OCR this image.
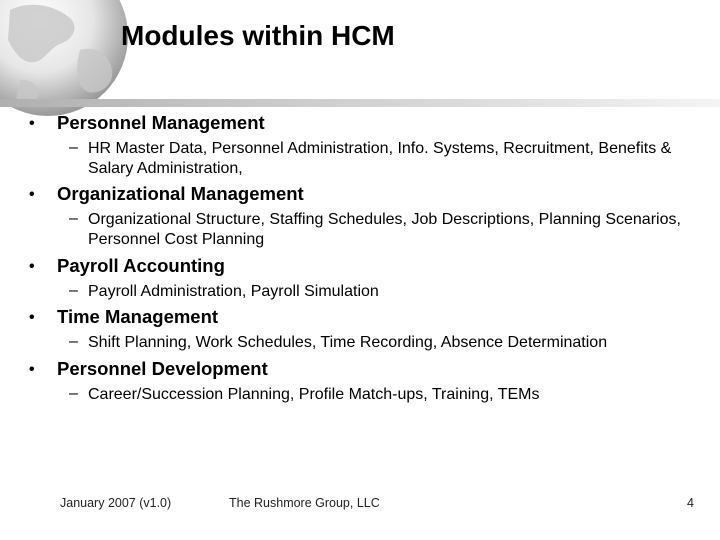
Modules within HCM
• Personnel Management
– HR Master Data, Personnel Administration, Info. Systems, Recruitment, Benefits & Salary Administration,
• Organizational Management
– Organizational Structure, Staffing Schedules, Job Descriptions, Planning Scenarios, Personnel Cost Planning
• Payroll Accounting
– Payroll Administration, Payroll Simulation
• Time Management
– Shift Planning, Work Schedules, Time Recording, Absence Determination
• Personnel Development
– Career/Succession Planning, Profile Match-ups, Training, TEMs
January 2007 (v1.0)	The Rushmore Group, LLC	4
